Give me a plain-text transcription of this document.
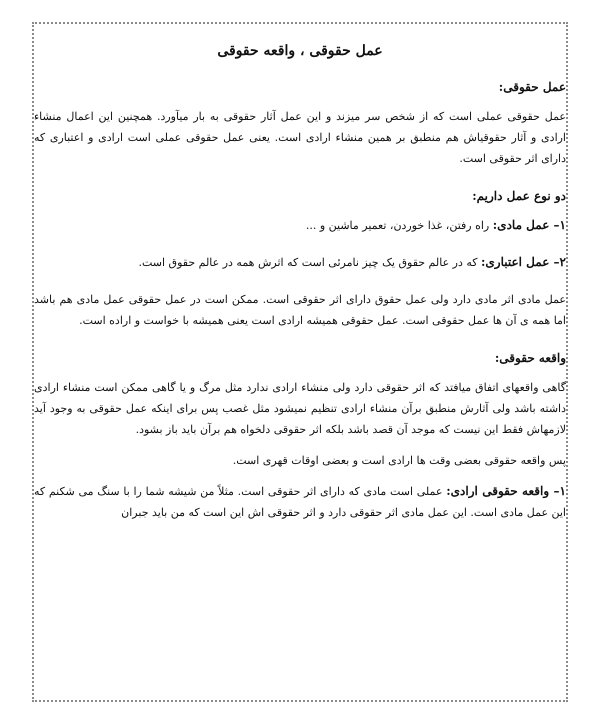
عمل حقوقی ، واقعه حقوقی
عمل حقوقی:

عمل حقوقی عملی است که از شخص سر میزند و این عمل آثار حقوقی به بار میآورد. همچنین این اعمال منشاء ارادی و آثار حقوقیاش هم منطبق بر همین منشاء ارادی است. یعنی عمل حقوقی عملی است ارادی و اعتباری که دارای اثر حقوقی است.

دو نوع عمل داریم:

۱– عمل مادی: راه رفتن، غذا خوردن، تعمیر ماشین و ...

۲– عمل اعتباری: که در عالم حقوق یک چیز نامرئی است که اثرش همه در عالم حقوق است.

عمل مادی اثر مادی دارد ولی عمل حقوق دارای اثر حقوقی است. ممکن است در عمل حقوقی عمل مادی هم باشد اما همه ی آن ها عمل حقوقی است. عمل حقوقی همیشه ارادی است یعنی همیشه با خواست و اراده است.

واقعه حقوقی:

گاهی واقعهای اتفاق میافتد که اثر حقوقی دارد ولی منشاء ارادی ندارد مثل مرگ و یا گاهی ممکن است منشاء ارادی داشته باشد ولی آثارش منطبق برآن منشاء ارادی تنظیم نمیشود مثل غصب پس برای اینکه عمل حقوقی به وجود آید لازمهاش فقط این نیست که موجد آن قصد باشد بلکه اثر حقوقی دلخواه هم برآن باید باز بشود.

پس واقعه حقوقی بعضی وقت ها ارادی است و بعضی اوقات قهری است.

۱– واقعه حقوقی ارادی: عملی است مادی که دارای اثر حقوقی است. مثلاً من شیشه شما را با سنگ می شکنم که این عمل مادی است. این عمل مادی اثر حقوقی دارد و اثر حقوقی اش این است که من باید جبران
